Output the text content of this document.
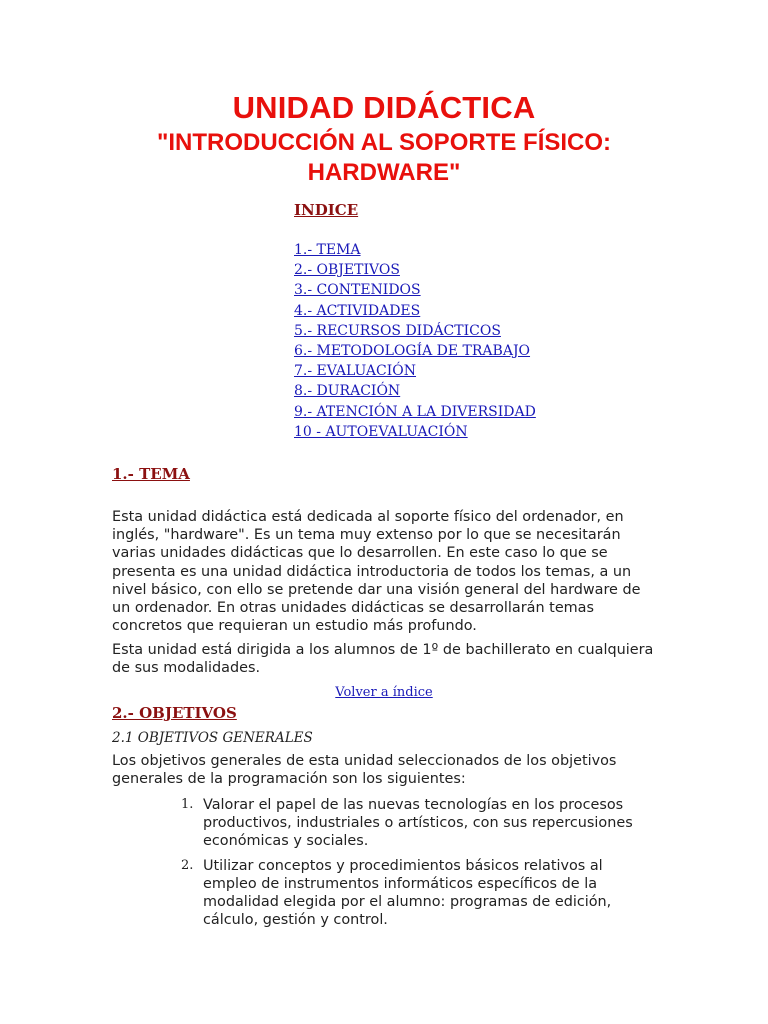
UNIDAD DIDÁCTICA
"INTRODUCCIÓN AL SOPORTE FÍSICO:
HARDWARE"
INDICE
1.- TEMA
2.- OBJETIVOS
3.- CONTENIDOS
4.- ACTIVIDADES
5.- RECURSOS DIDÁCTICOS
6.- METODOLOGÍA DE TRABAJO
7.- EVALUACIÓN
8.- DURACIÓN
9.- ATENCIÓN A LA DIVERSIDAD
10 - AUTOEVALUACIÓN
1.- TEMA

Esta unidad didáctica está dedicada al soporte físico del ordenador, en inglés, "hardware". Es un tema muy extenso por lo que se necesitarán varias unidades didácticas que lo desarrollen. En este caso lo que se presenta es una unidad didáctica introductoria de todos los temas, a un nivel básico, con ello se pretende dar una visión general del hardware de un ordenador. En otras unidades didácticas se desarrollarán temas concretos que requieran un estudio más profundo.

Esta unidad está dirigida a los alumnos de 1º de bachillerato en cualquiera de sus modalidades.

Volver a índice
2.- OBJETIVOS
2.1 OBJETIVOS GENERALES

Los objetivos generales de esta unidad seleccionados de los objetivos generales de la programación son los siguientes:

1. Valorar el papel de las nuevas tecnologías en los procesos productivos, industriales o artísticos, con sus repercusiones económicas y sociales.
2. Utilizar conceptos y procedimientos básicos relativos al empleo de instrumentos informáticos específicos de la modalidad elegida por el alumno: programas de edición, cálculo, gestión y control.
